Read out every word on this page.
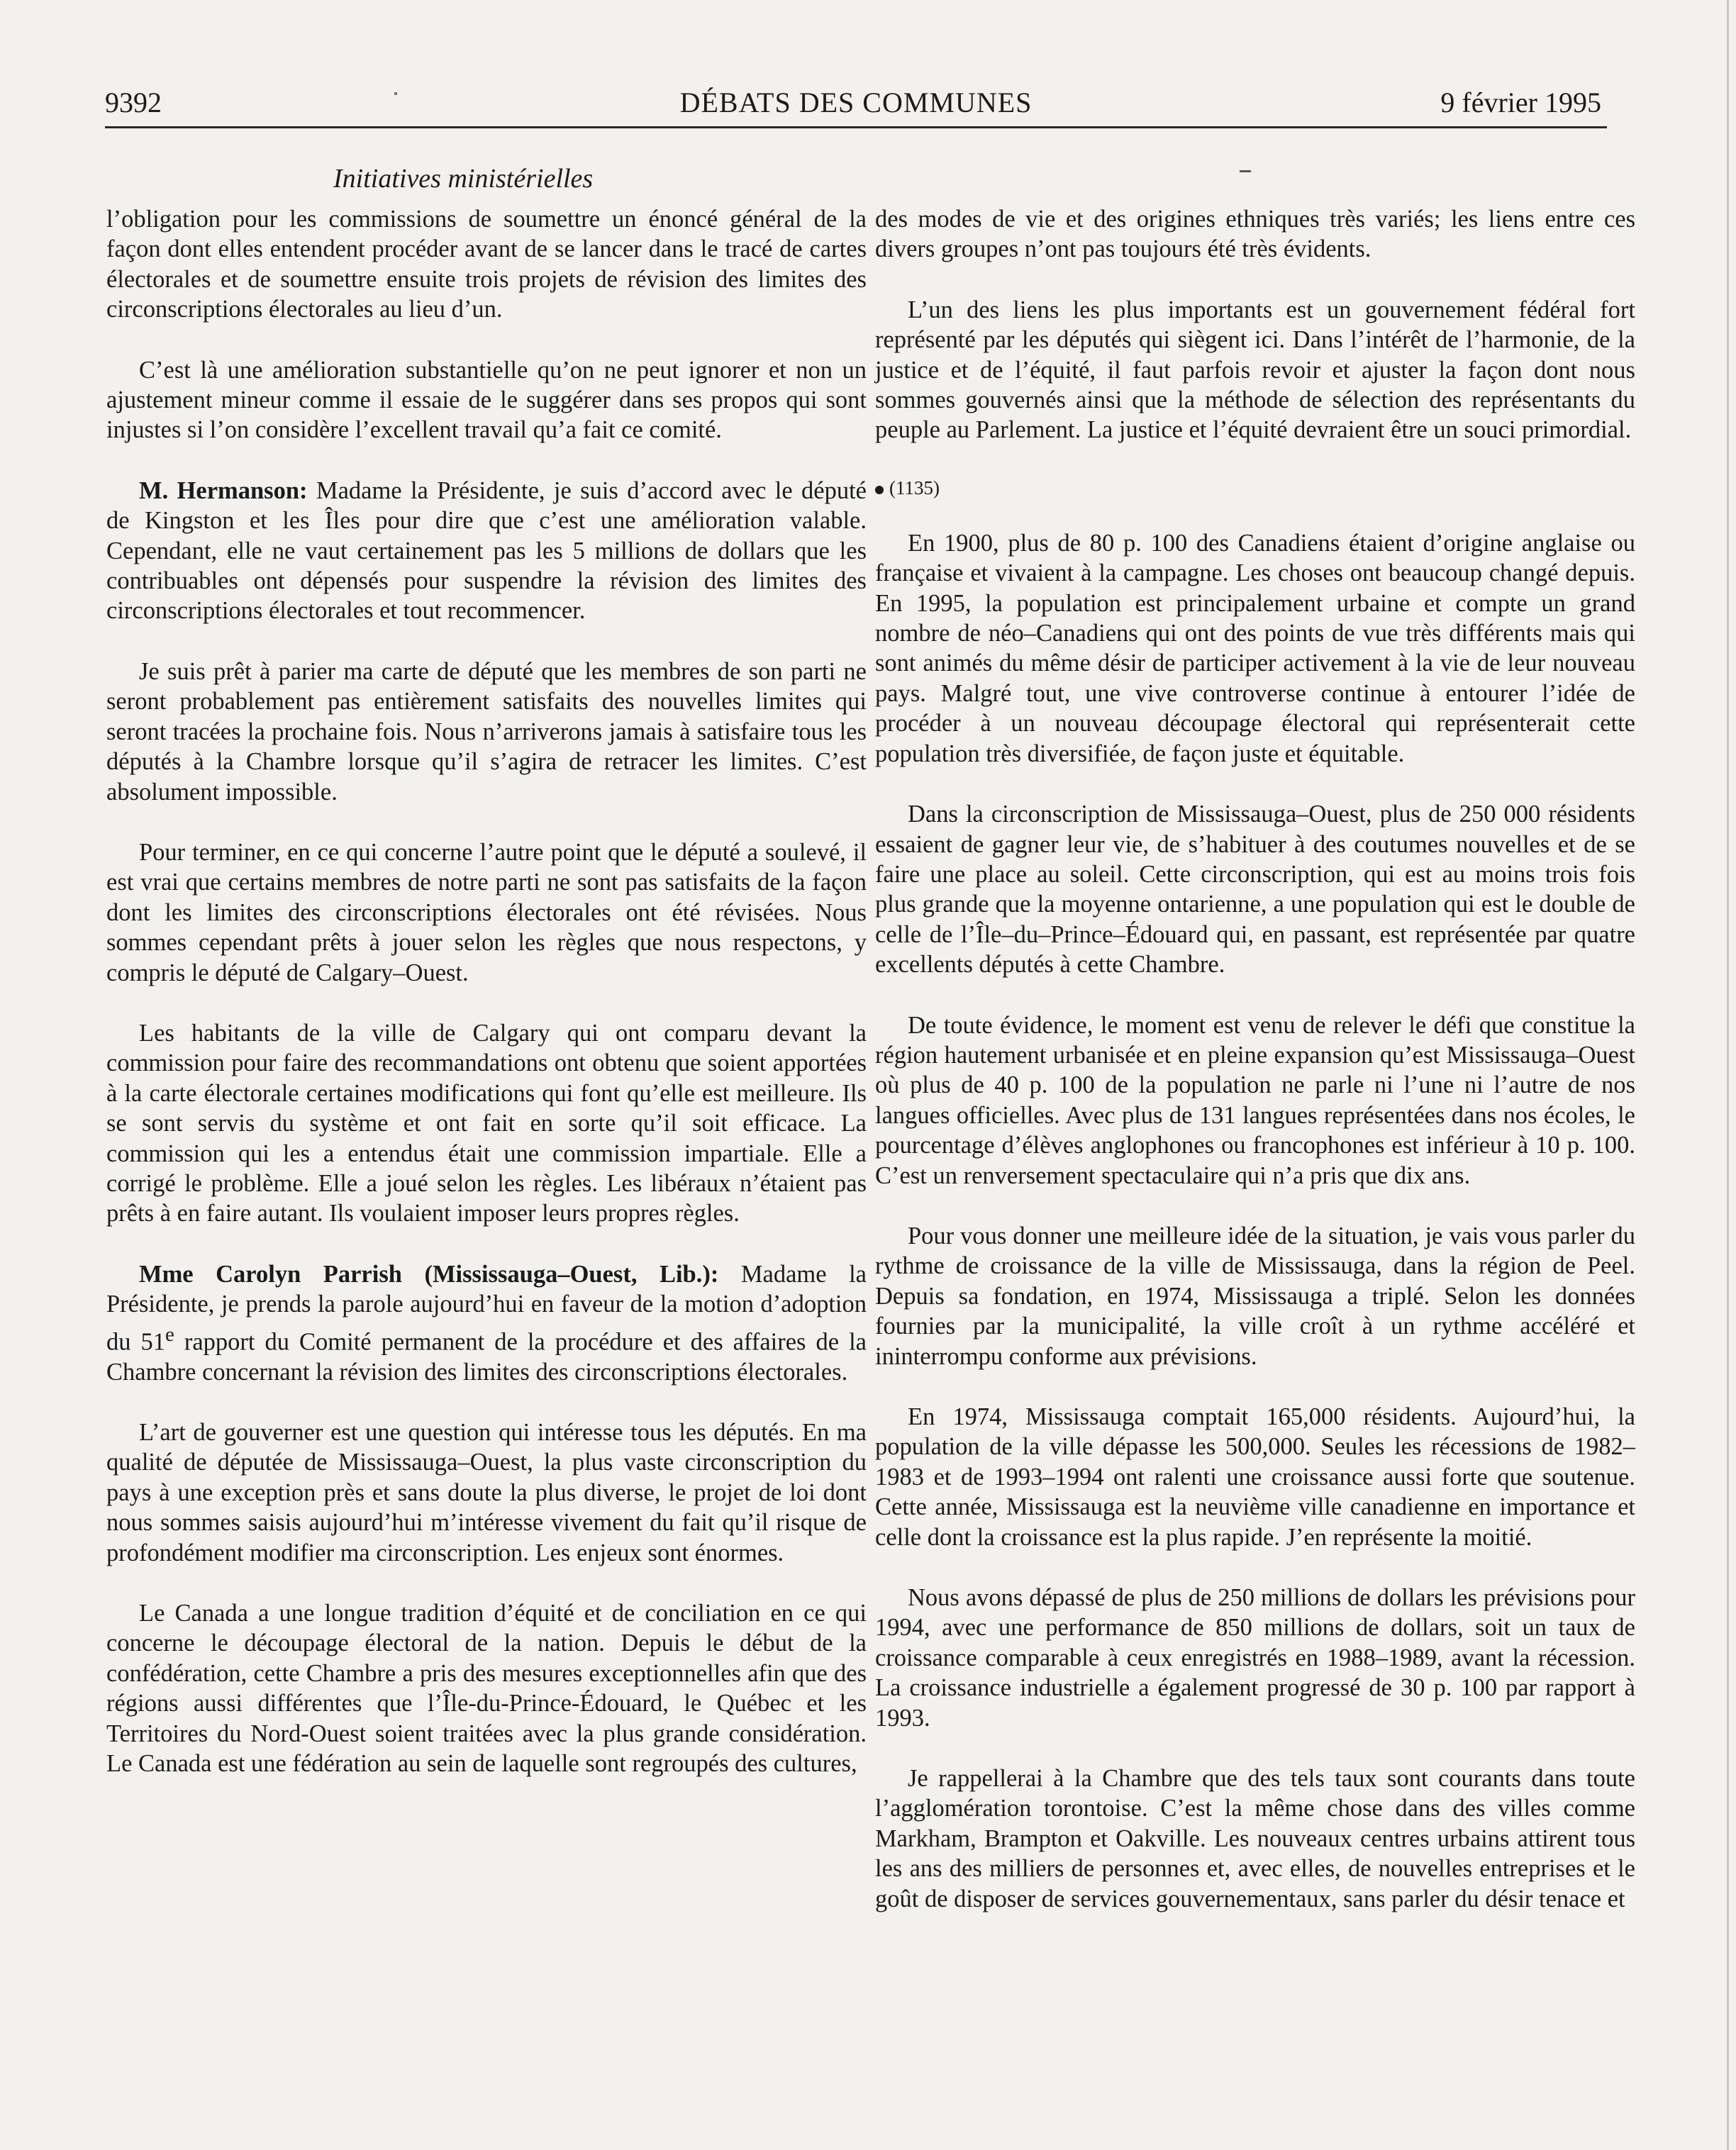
9392	DÉBATS DES COMMUNES	9 février 1995
Initiatives ministérielles

l’obligation pour les commissions de soumettre un énoncé général de la façon dont elles entendent procéder avant de se lancer dans le tracé de cartes électorales et de soumettre ensuite trois projets de révision des limites des circonscriptions électorales au lieu d’un.

C’est là une amélioration substantielle qu’on ne peut ignorer et non un ajustement mineur comme il essaie de le suggérer dans ses propos qui sont injustes si l’on considère l’excellent travail qu’a fait ce comité.

M. Hermanson: Madame la Présidente, je suis d’accord avec le député de Kingston et les Îles pour dire que c’est une amélioration valable. Cependant, elle ne vaut certainement pas les 5 millions de dollars que les contribuables ont dépensés pour suspendre la révision des limites des circonscriptions électorales et tout recommencer.

Je suis prêt à parier ma carte de député que les membres de son parti ne seront probablement pas entièrement satisfaits des nouvelles limites qui seront tracées la prochaine fois. Nous n’arriverons jamais à satisfaire tous les députés à la Chambre lorsque qu’il s’agira de retracer les limites. C’est absolument impossible.

Pour terminer, en ce qui concerne l’autre point que le député a soulevé, il est vrai que certains membres de notre parti ne sont pas satisfaits de la façon dont les limites des circonscriptions électorales ont été révisées. Nous sommes cependant prêts à jouer selon les règles que nous respectons, y compris le député de Calgary–Ouest.

Les habitants de la ville de Calgary qui ont comparu devant la commission pour faire des recommandations ont obtenu que soient apportées à la carte électorale certaines modifications qui font qu’elle est meilleure. Ils se sont servis du système et ont fait en sorte qu’il soit efficace. La commission qui les a entendus était une commission impartiale. Elle a corrigé le problème. Elle a joué selon les règles. Les libéraux n’étaient pas prêts à en faire autant. Ils voulaient imposer leurs propres règles.

Mme Carolyn Parrish (Mississauga–Ouest, Lib.): Madame la Présidente, je prends la parole aujourd’hui en faveur de la motion d’adoption du 51e rapport du Comité permanent de la procédure et des affaires de la Chambre concernant la révision des limites des circonscriptions électorales.

L’art de gouverner est une question qui intéresse tous les députés. En ma qualité de députée de Mississauga–Ouest, la plus vaste circonscription du pays à une exception près et sans doute la plus diverse, le projet de loi dont nous sommes saisis aujourd’hui m’intéresse vivement du fait qu’il risque de profondément modifier ma circonscription. Les enjeux sont énormes.

Le Canada a une longue tradition d’équité et de conciliation en ce qui concerne le découpage électoral de la nation. Depuis le début de la confédération, cette Chambre a pris des mesures exceptionnelles afin que des régions aussi différentes que l’Île-du-Prince-Édouard, le Québec et les Territoires du Nord-Ouest soient traitées avec la plus grande considération. Le Canada est une fédération au sein de laquelle sont regroupés des cultures,

des modes de vie et des origines ethniques très variés; les liens entre ces divers groupes n’ont pas toujours été très évidents.

L’un des liens les plus importants est un gouvernement fédéral fort représenté par les députés qui siègent ici. Dans l’intérêt de l’harmonie, de la justice et de l’équité, il faut parfois revoir et ajuster la façon dont nous sommes gouvernés ainsi que la méthode de sélection des représentants du peuple au Parlement. La justice et l’équité devraient être un souci primordial.

(1135)

En 1900, plus de 80 p. 100 des Canadiens étaient d’origine anglaise ou française et vivaient à la campagne. Les choses ont beaucoup changé depuis. En 1995, la population est principalement urbaine et compte un grand nombre de néo–Canadiens qui ont des points de vue très différents mais qui sont animés du même désir de participer activement à la vie de leur nouveau pays. Malgré tout, une vive controverse continue à entourer l’idée de procéder à un nouveau découpage électoral qui représenterait cette population très diversifiée, de façon juste et équitable.

Dans la circonscription de Mississauga–Ouest, plus de 250 000 résidents essaient de gagner leur vie, de s’habituer à des coutumes nouvelles et de se faire une place au soleil. Cette circonscription, qui est au moins trois fois plus grande que la moyenne ontarienne, a une population qui est le double de celle de l’Île–du–Prince–Édouard qui, en passant, est représentée par quatre excellents députés à cette Chambre.

De toute évidence, le moment est venu de relever le défi que constitue la région hautement urbanisée et en pleine expansion qu’est Mississauga–Ouest où plus de 40 p. 100 de la population ne parle ni l’une ni l’autre de nos langues officielles. Avec plus de 131 langues représentées dans nos écoles, le pourcentage d’élèves anglophones ou francophones est inférieur à 10 p. 100. C’est un renversement spectaculaire qui n’a pris que dix ans.

Pour vous donner une meilleure idée de la situation, je vais vous parler du rythme de croissance de la ville de Mississauga, dans la région de Peel. Depuis sa fondation, en 1974, Mississauga a triplé. Selon les données fournies par la municipalité, la ville croît à un rythme accéléré et ininterrompu conforme aux prévisions.

En 1974, Mississauga comptait 165,000 résidents. Aujourd’hui, la population de la ville dépasse les 500,000. Seules les récessions de 1982–1983 et de 1993–1994 ont ralenti une croissance aussi forte que soutenue. Cette année, Mississauga est la neuvième ville canadienne en importance et celle dont la croissance est la plus rapide. J’en représente la moitié.

Nous avons dépassé de plus de 250 millions de dollars les prévisions pour 1994, avec une performance de 850 millions de dollars, soit un taux de croissance comparable à ceux enregistrés en 1988–1989, avant la récession. La croissance industrielle a également progressé de 30 p. 100 par rapport à 1993.

Je rappellerai à la Chambre que des tels taux sont courants dans toute l’agglomération torontoise. C’est la même chose dans des villes comme Markham, Brampton et Oakville. Les nouveaux centres urbains attirent tous les ans des milliers de personnes et, avec elles, de nouvelles entreprises et le goût de disposer de services gouvernementaux, sans parler du désir tenace et
